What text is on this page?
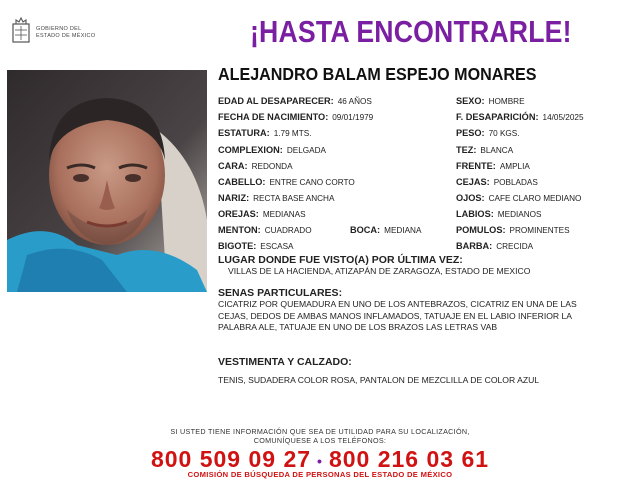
GOBIERNO DEL
ESTADO DE MÉXICO	¡HASTA ENCONTRARLE!
ALEJANDRO BALAM ESPEJO MONARES
EDAD AL DESAPARECER: 46 AÑOS
FECHA DE NACIMIENTO: 09/01/1979
ESTATURA: 1.79 MTS.
COMPLEXION: DELGADA
CARA: REDONDA
CABELLO: ENTRE CANO CORTO
NARIZ: RECTA BASE ANCHA
OREJAS: MEDIANAS
MENTON: CUADRADO
BIGOTE: ESCASA
BOCA: MEDIANA
SEXO: HOMBRE
F. DESAPARICIÓN: 14/05/2025
PESO: 70 KGS.
TEZ: BLANCA
FRENTE: AMPLIA
CEJAS: POBLADAS
OJOS: CAFE CLARO MEDIANO
LABIOS: MEDIANOS
POMULOS: PROMINENTES
BARBA: CRECIDA
LUGAR DONDE FUE VISTO(A) POR ÚLTIMA VEZ:
VILLAS DE LA HACIENDA, ATIZAPÁN DE ZARAGOZA, ESTADO DE MEXICO
SENAS PARTICULARES:
CICATRIZ POR QUEMADURA EN UNO DE LOS ANTEBRAZOS, CICATRIZ EN UNA DE LAS
CEJAS, DEDOS DE AMBAS MANOS INFLAMADOS, TATUAJE EN EL LABIO INFERIOR LA
PALABRA ALE, TATUAJE EN UNO DE LOS BRAZOS LAS LETRAS VAB
VESTIMENTA Y CALZADO:
TENIS, SUDADERA COLOR ROSA, PANTALON DE MEZCLILLA DE COLOR AZUL
SI USTED TIENE INFORMACIÓN QUE SEA DE UTILIDAD PARA SU LOCALIZACIÓN,
COMUNÍQUESE A LOS TELÉFONOS:
800 509 09 27 • 800 216 03 61
COMISIÓN DE BÚSQUEDA DE PERSONAS DEL ESTADO DE MÉXICO
